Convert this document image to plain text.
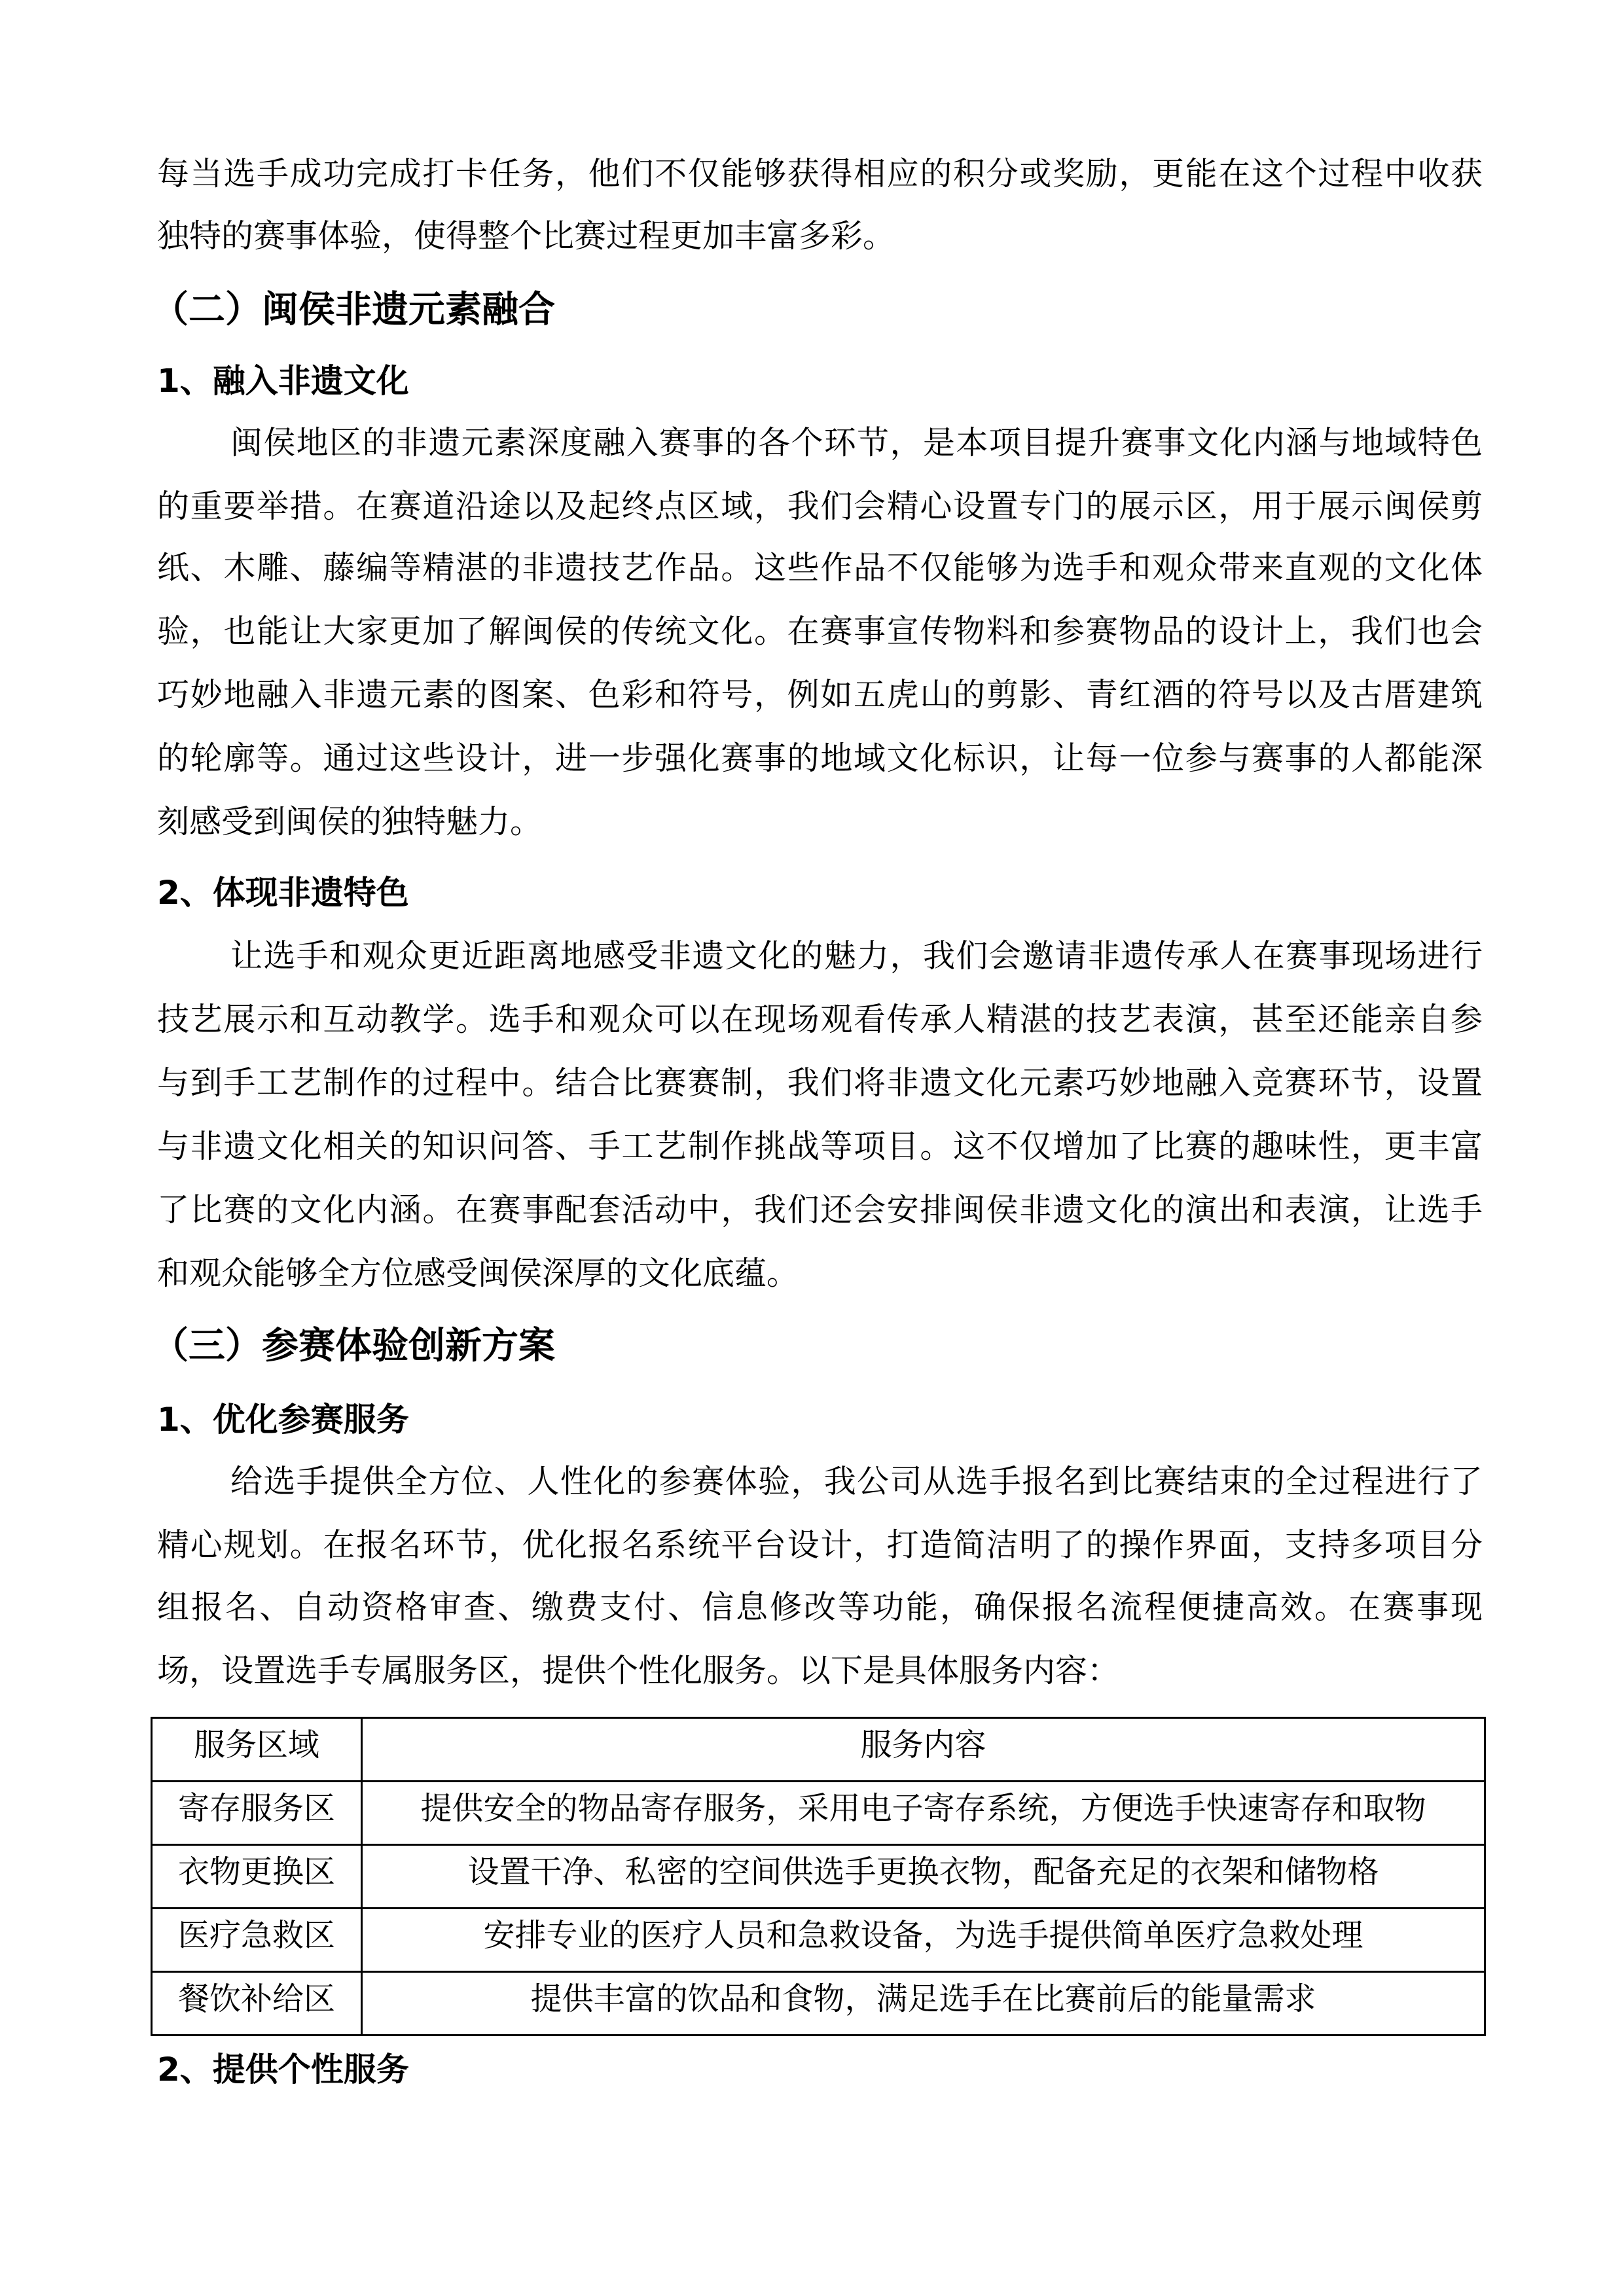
每当选手成功完成打卡任务，他们不仅能够获得相应的积分或奖励，更能在这个过程中收获
独特的赛事体验，使得整个比赛过程更加丰富多彩。
（二）闽侯非遗元素融合
1、融入非遗文化
闽侯地区的非遗元素深度融入赛事的各个环节，是本项目提升赛事文化内涵与地域特色
的重要举措。在赛道沿途以及起终点区域，我们会精心设置专门的展示区，用于展示闽侯剪
纸、木雕、藤编等精湛的非遗技艺作品。这些作品不仅能够为选手和观众带来直观的文化体
验，也能让大家更加了解闽侯的传统文化。在赛事宣传物料和参赛物品的设计上，我们也会
巧妙地融入非遗元素的图案、色彩和符号，例如五虎山的剪影、青红酒的符号以及古厝建筑
的轮廓等。通过这些设计，进一步强化赛事的地域文化标识，让每一位参与赛事的人都能深
刻感受到闽侯的独特魅力。
2、体现非遗特色
让选手和观众更近距离地感受非遗文化的魅力，我们会邀请非遗传承人在赛事现场进行
技艺展示和互动教学。选手和观众可以在现场观看传承人精湛的技艺表演，甚至还能亲自参
与到手工艺制作的过程中。结合比赛赛制，我们将非遗文化元素巧妙地融入竞赛环节，设置
与非遗文化相关的知识问答、手工艺制作挑战等项目。这不仅增加了比赛的趣味性，更丰富
了比赛的文化内涵。在赛事配套活动中，我们还会安排闽侯非遗文化的演出和表演，让选手
和观众能够全方位感受闽侯深厚的文化底蕴。
（三）参赛体验创新方案
1、优化参赛服务
给选手提供全方位、人性化的参赛体验，我公司从选手报名到比赛结束的全过程进行了
精心规划。在报名环节，优化报名系统平台设计，打造简洁明了的操作界面，支持多项目分
组报名、自动资格审查、缴费支付、信息修改等功能，确保报名流程便捷高效。在赛事现
场，设置选手专属服务区，提供个性化服务。以下是具体服务内容：
服务区域	服务内容
寄存服务区	提供安全的物品寄存服务，采用电子寄存系统，方便选手快速寄存和取物
衣物更换区	设置干净、私密的空间供选手更换衣物，配备充足的衣架和储物格
医疗急救区	安排专业的医疗人员和急救设备，为选手提供简单医疗急救处理
餐饮补给区	提供丰富的饮品和食物，满足选手在比赛前后的能量需求
2、提供个性服务
